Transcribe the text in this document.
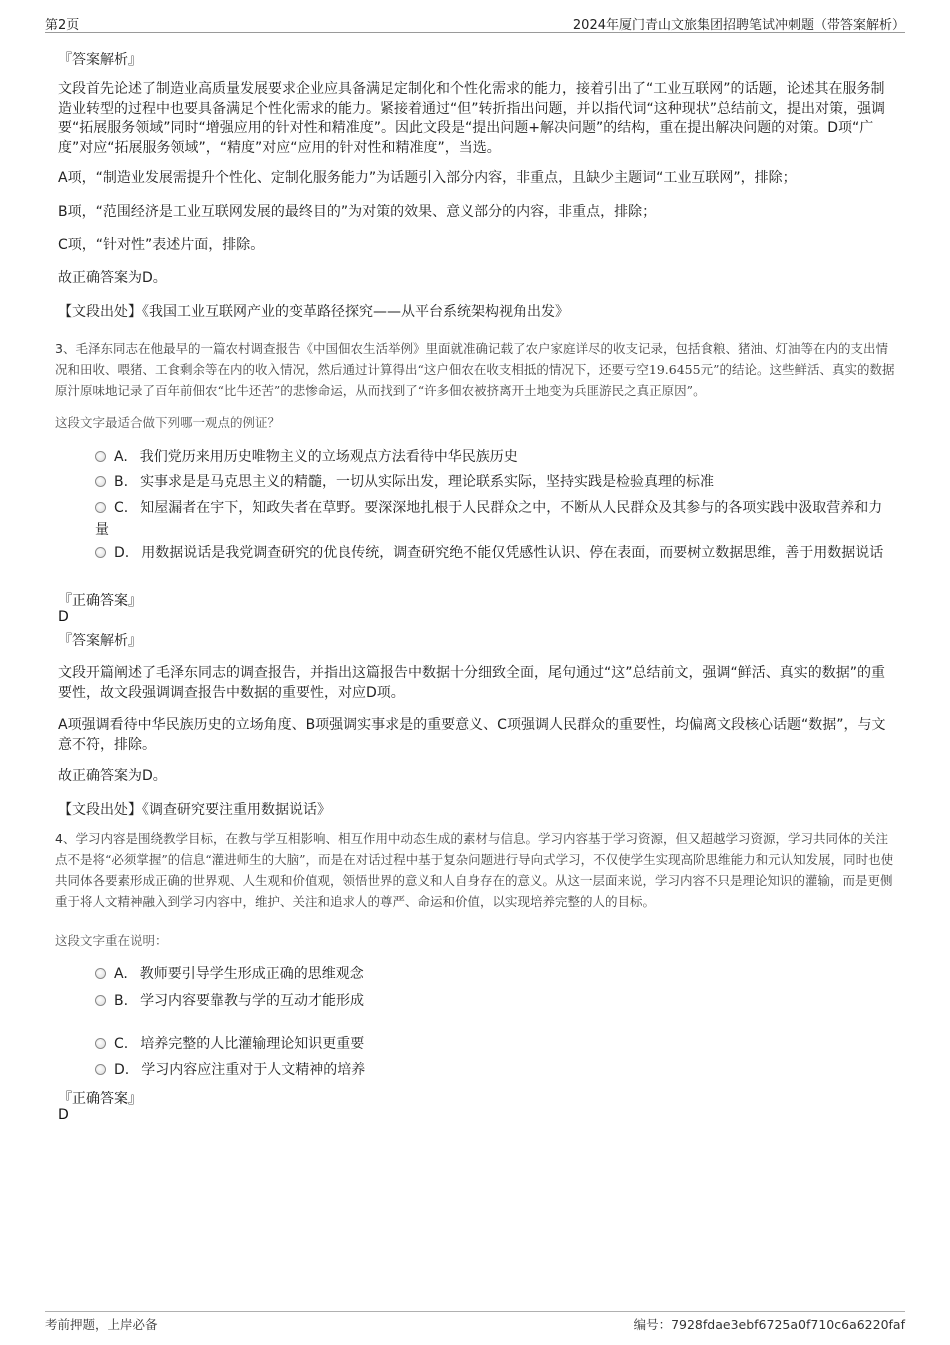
第2页	2024年厦门青山文旅集团招聘笔试冲刺题（带答案解析）
『答案解析』
文段首先论述了制造业高质量发展要求企业应具备满足定制化和个性化需求的能力，接着引出了“工业互联网”的话题，论述其在服务制造业转型的过程中也要具备满足个性化需求的能力。紧接着通过“但”转折指出问题，并以指代词“这种现状”总结前文，提出对策，强调要“拓展服务领域”同时“增强应用的针对性和精准度”。因此文段是“提出问题+解决问题”的结构，重在提出解决问题的对策。D项“广度”对应“拓展服务领域”，“精度”对应“应用的针对性和精准度”，当选。
A项，“制造业发展需提升个性化、定制化服务能力”为话题引入部分内容，非重点，且缺少主题词“工业互联网”，排除；
B项，“范围经济是工业互联网发展的最终目的”为对策的效果、意义部分的内容，非重点，排除；
C项，“针对性”表述片面，排除。
故正确答案为D。
【文段出处】《我国工业互联网产业的变革路径探究——从平台系统架构视角出发》
3、毛泽东同志在他最早的一篇农村调查报告《中国佃农生活举例》里面就准确记载了农户家庭详尽的收支记录，包括食粮、猪油、灯油等在内的支出情况和田收、喂猪、工食剩余等在内的收入情况，然后通过计算得出“这户佃农在收支相抵的情况下，还要亏空19.6455元”的结论。这些鲜活、真实的数据原汁原味地记录了百年前佃农“比牛还苦”的悲惨命运，从而找到了“许多佃农被挤离开土地变为兵匪游民之真正原因”。
这段文字最适合做下列哪一观点的例证？
A. 我们党历来用历史唯物主义的立场观点方法看待中华民族历史
B. 实事求是是马克思主义的精髓，一切从实际出发，理论联系实际，坚持实践是检验真理的标准
C. 知屋漏者在宇下，知政失者在草野。要深深地扎根于人民群众之中，不断从人民群众及其参与的各项实践中汲取营养和力量
D. 用数据说话是我党调查研究的优良传统，调查研究绝不能仅凭感性认识、停在表面，而要树立数据思维，善于用数据说话
『正确答案』
D
『答案解析』
文段开篇阐述了毛泽东同志的调查报告，并指出这篇报告中数据十分细致全面，尾句通过“这”总结前文，强调“鲜活、真实的数据”的重要性，故文段强调调查报告中数据的重要性，对应D项。
A项强调看待中华民族历史的立场角度、B项强调实事求是的重要意义、C项强调人民群众的重要性，均偏离文段核心话题“数据”，与文意不符，排除。
故正确答案为D。
【文段出处】《调查研究要注重用数据说话》
4、学习内容是围绕教学目标，在教与学互相影响、相互作用中动态生成的素材与信息。学习内容基于学习资源，但又超越学习资源，学习共同体的关注点不是将“必须掌握”的信息“灌进师生的大脑”，而是在对话过程中基于复杂问题进行导向式学习，不仅使学生实现高阶思维能力和元认知发展，同时也使共同体各要素形成正确的世界观、人生观和价值观，领悟世界的意义和人自身存在的意义。从这一层面来说，学习内容不只是理论知识的灌输，而是更侧重于将人文精神融入到学习内容中，维护、关注和追求人的尊严、命运和价值，以实现培养完整的人的目标。
这段文字重在说明：
A. 教师要引导学生形成正确的思维观念
B. 学习内容要靠教与学的互动才能形成
C. 培养完整的人比灌输理论知识更重要
D. 学习内容应注重对于人文精神的培养
『正确答案』
D
考前押题，上岸必备	编号：7928fdae3ebf6725a0f710c6a6220faf
